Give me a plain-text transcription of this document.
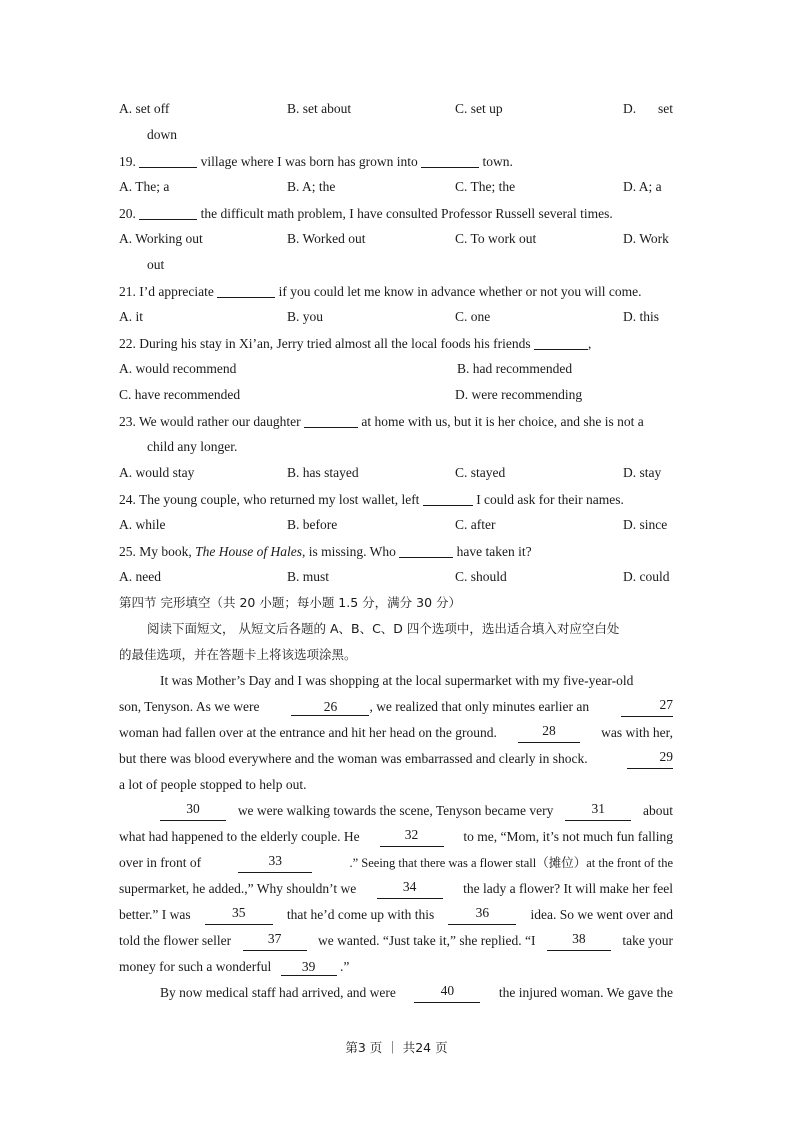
A. set off	B. set about	C. set up	D. set
down
19.	village where I was born has grown into	town.
A. The; a	B. A; the	C. The; the	D. A; a
20.	the difficult math problem, I have consulted Professor Russell several times.
A. Working out	B. Worked out	C. To work out	D. Work
out
21. I’d appreciate	if you could let me know in advance whether or not you will come.
A. it	B. you	C. one	D. this
22. During his stay in Xi’an, Jerry tried almost all the local foods his friends	,
A. would recommend	B. had recommended
C. have recommended	D. were recommending
23. We would rather our daughter	at home with us, but it is her choice, and she is not a
child any longer.
A. would stay	B. has stayed	C. stayed	D. stay
24. The young couple, who returned my lost wallet, left	I could ask for their names.
A. while	B. before	C. after	D. since
25. My book, The House of Hales, is missing. Who	have taken it?
A. need	B. must	C. should	D. could
第四节 完形填空（共 20 小题；每小题 1.5 分，满分 30 分）
阅读下面短文， 从短文后各题的 A、B、C、D 四个选项中，选出适合填入对应空白处
的最佳选项，并在答题卡上将该选项涂黑。
It was Mother’s Day and I was shopping at the local supermarket with my five-year-old
son, Tenyson. As we were	26 , we realized that only minutes earlier an	27
woman had fallen over at the entrance and hit her head on the ground.	28	was with her,
but there was blood everywhere and the woman was embarrassed and clearly in shock.	29
a lot of people stopped to help out.
30	we were walking towards the scene, Tenyson became very	31	about
what had happened to the elderly couple. He	32	to me, “Mom, it’s not much fun falling
over in front of	33	.” Seeing that there was a flower stall（摊位）at the front of the
supermarket, he added.,” Why shouldn’t we	34	the lady a flower? It will make her feel
better.” I was	35	that he’d come up with this	36	idea. So we went over and
told the flower seller	37	we wanted. “Just take it,” she replied. “I	38	take your
money for such a wonderful 39 .”
By now medical staff had arrived, and were	40	the injured woman. We gave the
第3 页 ｜ 共24 页
